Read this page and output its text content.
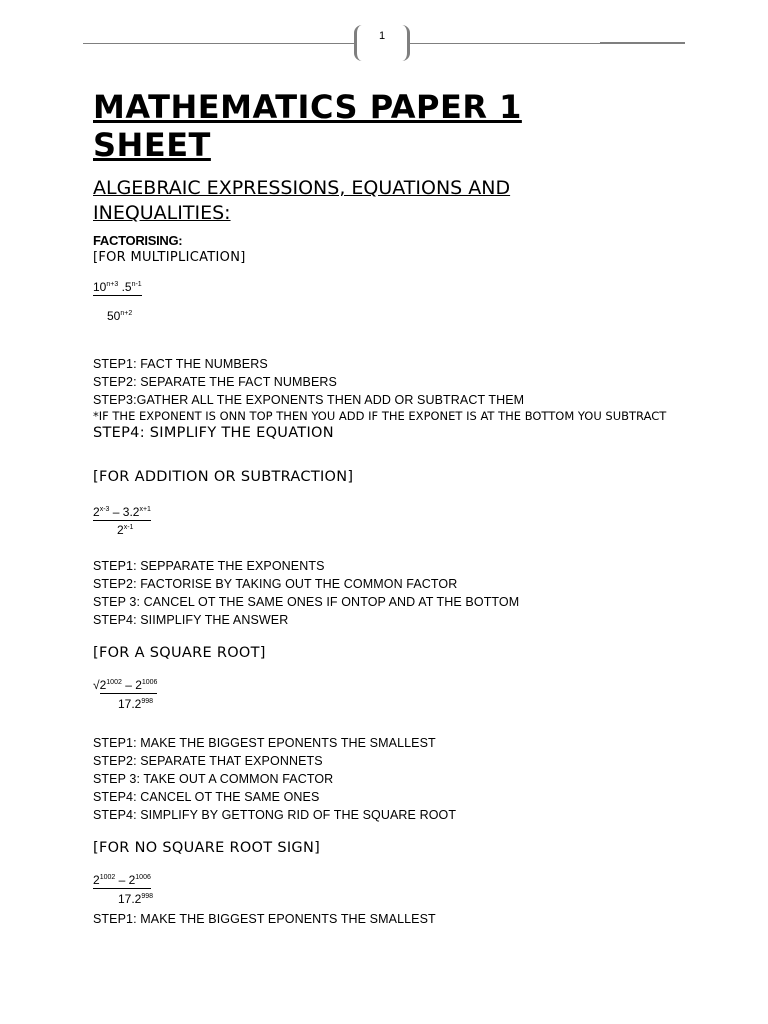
1
MATHEMATICS PAPER 1
SHEET
ALGEBRAIC EXPRESSIONS, EQUATIONS AND
INEQUALITIES:

FACTORISING:

[FOR MULTIPLICATION]

$10^{n+3}$ .5$^{n-1}$
$50^{n+2}$

STEP1: FACT THE NUMBERS

STEP2: SEPARATE THE FACT NUMBERS

STEP3:GATHER ALL THE EXPONENTS THEN ADD OR SUBTRACT THEM

*IF THE EXPONENT IS ONN TOP THEN YOU ADD IF THE EXPONET IS AT THE BOTTOM YOU SUBTRACT

STEP4: SIMPLIFY THE EQUATION

[FOR ADDITION OR SUBTRACTION]

$2^{x-3} - 3.2^{x+1}$
2$^{x-1}$

STEP1: SEPPARATE THE EXPONENTS

STEP2: FACTORISE BY TAKING OUT THE COMMON FACTOR

STEP 3: CANCEL OT THE SAME ONES IF ONTOP AND AT THE BOTTOM

STEP4: SIIMPLIFY THE ANSWER

[FOR A SQUARE ROOT]

$√2^{1002} - 2^{1006}$
17.2$^{998}$

STEP1: MAKE THE BIGGEST EPONENTS THE SMALLEST

STEP2: SEPARATE THAT EXPONNETS

STEP 3: TAKE OUT A COMMON FACTOR

STEP4: CANCEL OT THE SAME ONES

STEP4: SIMPLIFY BY GETTONG RID OF THE SQUARE ROOT

[FOR NO SQUARE ROOT SIGN]

$2^{1002} - 2^{1006}$
17.2$^{998}$

STEP1: MAKE THE BIGGEST EPONENTS THE SMALLEST
